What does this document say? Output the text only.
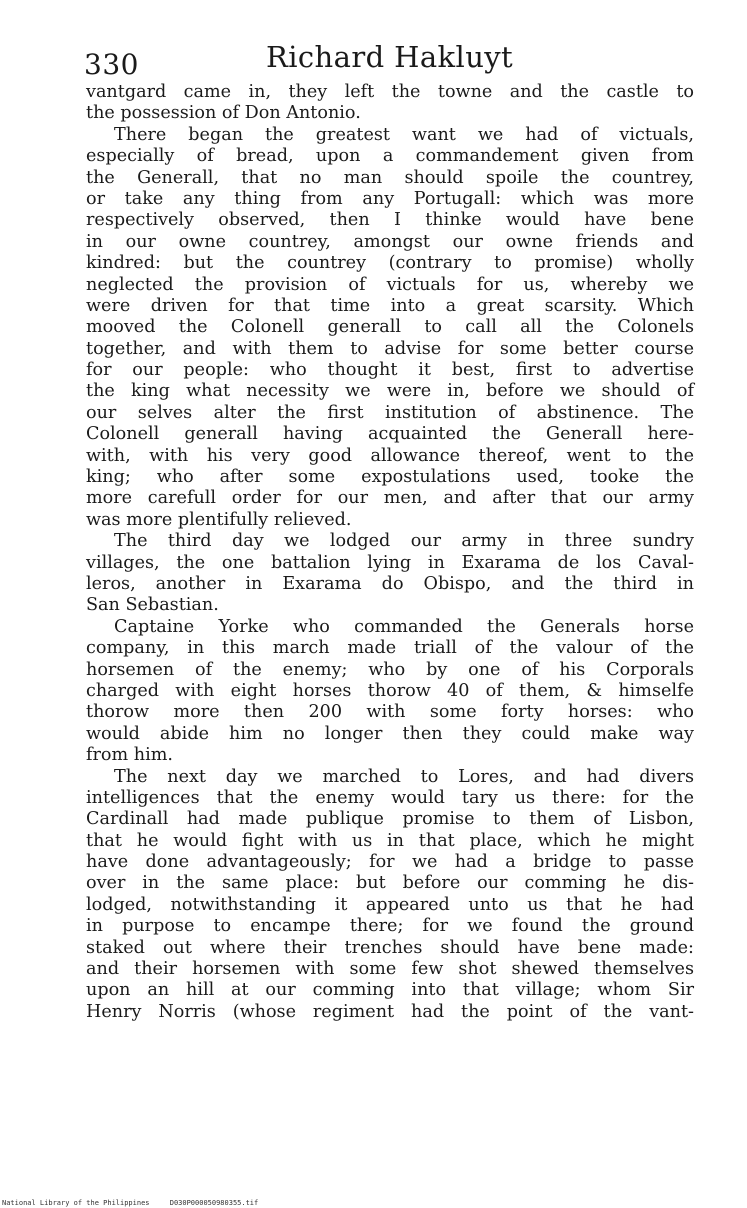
330	Richard Hakluyt
vantgard came in, they left the towne and the castle to
the possession of Don Antonio.
There began the greatest want we had of victuals,
especially of bread, upon a commandement given from
the Generall, that no man should spoile the countrey,
or take any thing from any Portugall: which was more
respectively observed, then I thinke would have bene
in our owne countrey, amongst our owne friends and
kindred: but the countrey (contrary to promise) wholly
neglected the provision of victuals for us, whereby we
were driven for that time into a great scarsity. Which
mooved the Colonell generall to call all the Colonels
together, and with them to advise for some better course
for our people: who thought it best, first to advertise
the king what necessity we were in, before we should of
our selves alter the first institution of abstinence. The
Colonell generall having acquainted the Generall here-
with, with his very good allowance thereof, went to the
king; who after some expostulations used, tooke the
more carefull order for our men, and after that our army
was more plentifully relieved.
The third day we lodged our army in three sundry
villages, the one battalion lying in Exarama de los Caval-
leros, another in Exarama do Obispo, and the third in
San Sebastian.
Captaine Yorke who commanded the Generals horse
company, in this march made triall of the valour of the
horsemen of the enemy; who by one of his Corporals
charged with eight horses thorow 40 of them, & himselfe
thorow more then 200 with some forty horses: who
would abide him no longer then they could make way
from him.
The next day we marched to Lores, and had divers
intelligences that the enemy would tary us there: for the
Cardinall had made publique promise to them of Lisbon,
that he would fight with us in that place, which he might
have done advantageously; for we had a bridge to passe
over in the same place: but before our comming he dis-
lodged, notwithstanding it appeared unto us that he had
in purpose to encampe there; for we found the ground
staked out where their trenches should have bene made:
and their horsemen with some few shot shewed themselves
upon an hill at our comming into that village; whom Sir
Henry Norris (whose regiment had the point of the vant-
National Library of the Philippines	D030P000050980355.tif
